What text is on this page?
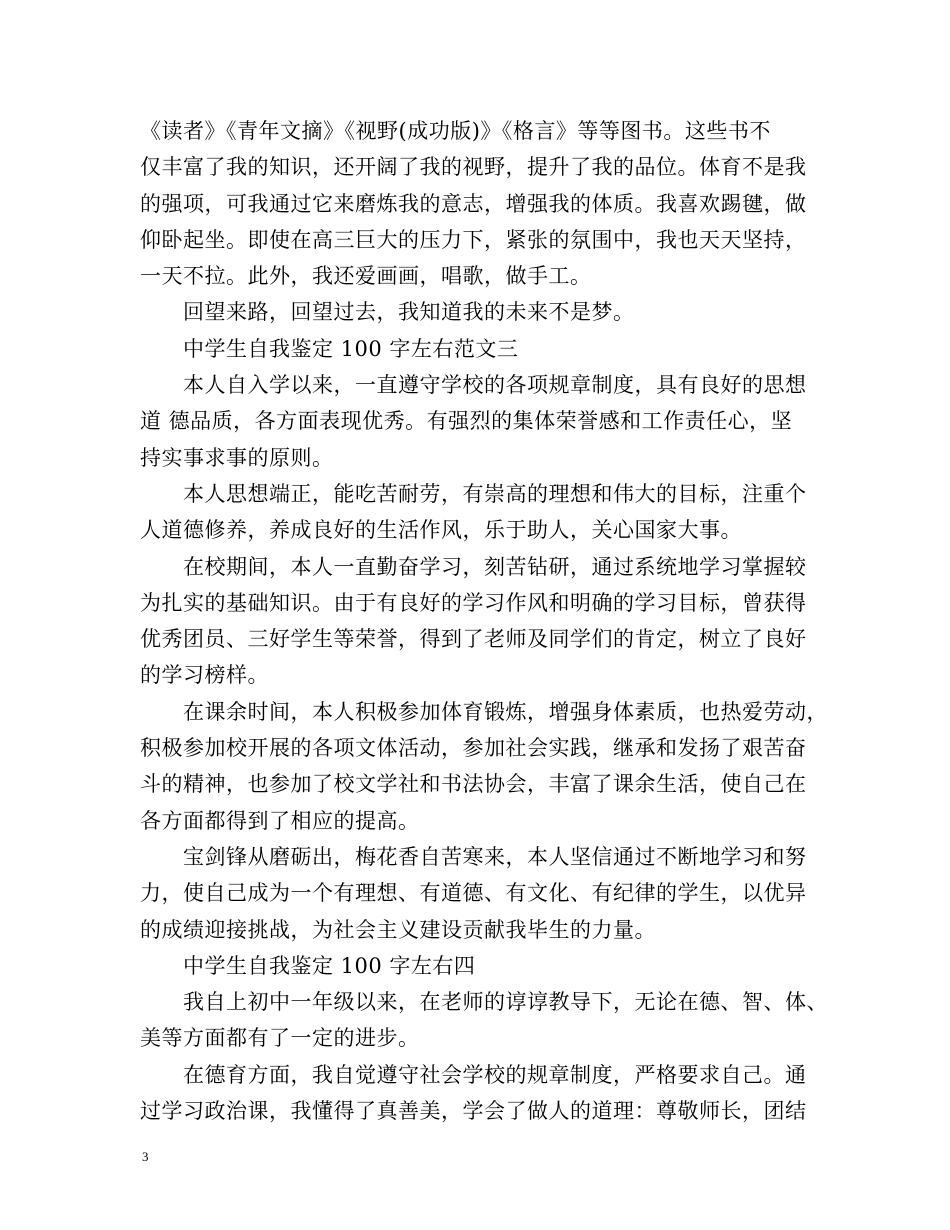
《读者》《青年文摘》《视野(成功版)》《格言》等等图书。这些书不
仅丰富了我的知识，还开阔了我的视野，提升了我的品位。体育不是我
的强项，可我通过它来磨炼我的意志，增强我的体质。我喜欢踢毽，做
仰卧起坐。即使在高三巨大的压力下，紧张的氛围中，我也天天坚持，
一天不拉。此外，我还爱画画，唱歌，做手工。
回望来路，回望过去，我知道我的未来不是梦。
中学生自我鉴定 100 字左右范文三
本人自入学以来，一直遵守学校的各项规章制度，具有良好的思想
道 德品质，各方面表现优秀。有强烈的集体荣誉感和工作责任心，坚
持实事求事的原则。
本人思想端正，能吃苦耐劳，有崇高的理想和伟大的目标，注重个
人道德修养，养成良好的生活作风，乐于助人，关心国家大事。
在校期间，本人一直勤奋学习，刻苦钻研，通过系统地学习掌握较
为扎实的基础知识。由于有良好的学习作风和明确的学习目标，曾获得
优秀团员、三好学生等荣誉，得到了老师及同学们的肯定，树立了良好
的学习榜样。
在课余时间，本人积极参加体育锻炼，增强身体素质，也热爱劳动，
积极参加校开展的各项文体活动，参加社会实践，继承和发扬了艰苦奋
斗的精神，也参加了校文学社和书法协会，丰富了课余生活，使自己在
各方面都得到了相应的提高。
宝剑锋从磨砺出，梅花香自苦寒来，本人坚信通过不断地学习和努
力，使自己成为一个有理想、有道德、有文化、有纪律的学生，以优异
的成绩迎接挑战，为社会主义建设贡献我毕生的力量。
中学生自我鉴定 100 字左右四
我自上初中一年级以来，在老师的谆谆教导下，无论在德、智、体、
美等方面都有了一定的进步。
在德育方面，我自觉遵守社会学校的规章制度，严格要求自己。通
过学习政治课，我懂得了真善美，学会了做人的道理：尊敬师长，团结
3
